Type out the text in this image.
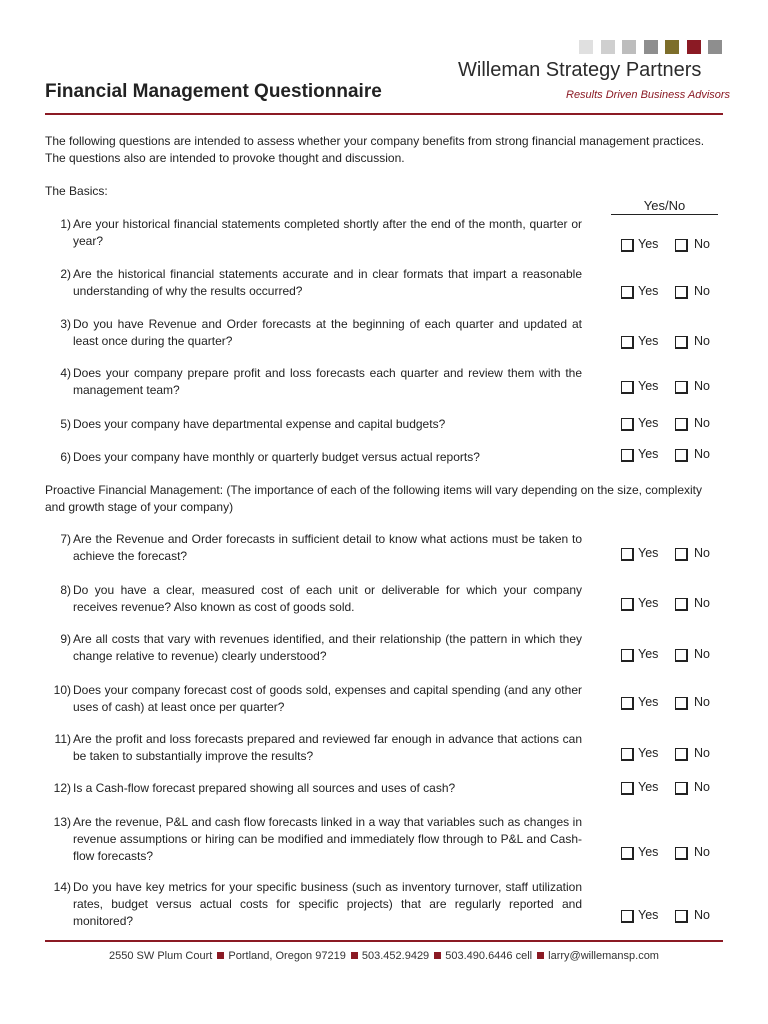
Willeman Strategy Partners
Results Driven Business Advisors
Financial Management Questionnaire
The following questions are intended to assess whether your company benefits from strong financial management practices. The questions also are intended to provoke thought and discussion.
The Basics:
Yes/No
Proactive Financial Management: (The importance of each of the following items will vary depending on the size, complexity and growth stage of your company)
1) Are your historical financial statements completed shortly after the end of the month, quarter or year?	Yes	No
2) Are the historical financial statements accurate and in clear formats that impart a reasonable understanding of why the results occurred?	Yes	No
3) Do you have Revenue and Order forecasts at the beginning of each quarter and updated at least once during the quarter?	Yes	No
4) Does your company prepare profit and loss forecasts each quarter and review them with the management team?	Yes	No
5) Does your company have departmental expense and capital budgets?	Yes	No
6) Does your company have monthly or quarterly budget versus actual reports?	Yes	No
7) Are the Revenue and Order forecasts in sufficient detail to know what actions must be taken to achieve the forecast?	Yes	No
8) Do you have a clear, measured cost of each unit or deliverable for which your company receives revenue? Also known as cost of goods sold.	Yes	No
9) Are all costs that vary with revenues identified, and their relationship (the pattern in which they change relative to revenue) clearly understood?	Yes	No
10) Does your company forecast cost of goods sold, expenses and capital spending (and any other uses of cash) at least once per quarter?	Yes	No
11) Are the profit and loss forecasts prepared and reviewed far enough in advance that actions can be taken to substantially improve the results?	Yes	No
12) Is a Cash-flow forecast prepared showing all sources and uses of cash?	Yes	No
13) Are the revenue, P&L and cash flow forecasts linked in a way that variables such as changes in revenue assumptions or hiring can be modified and immediately flow through to P&L and Cash-flow forecasts?	Yes	No
14) Do you have key metrics for your specific business (such as inventory turnover, staff utilization rates, budget versus actual costs for specific projects) that are regularly reported and monitored?	Yes	No
2550 SW Plum Court Portland, Oregon 97219 503.452.9429 503.490.6446 cell larry@willemansp.com
